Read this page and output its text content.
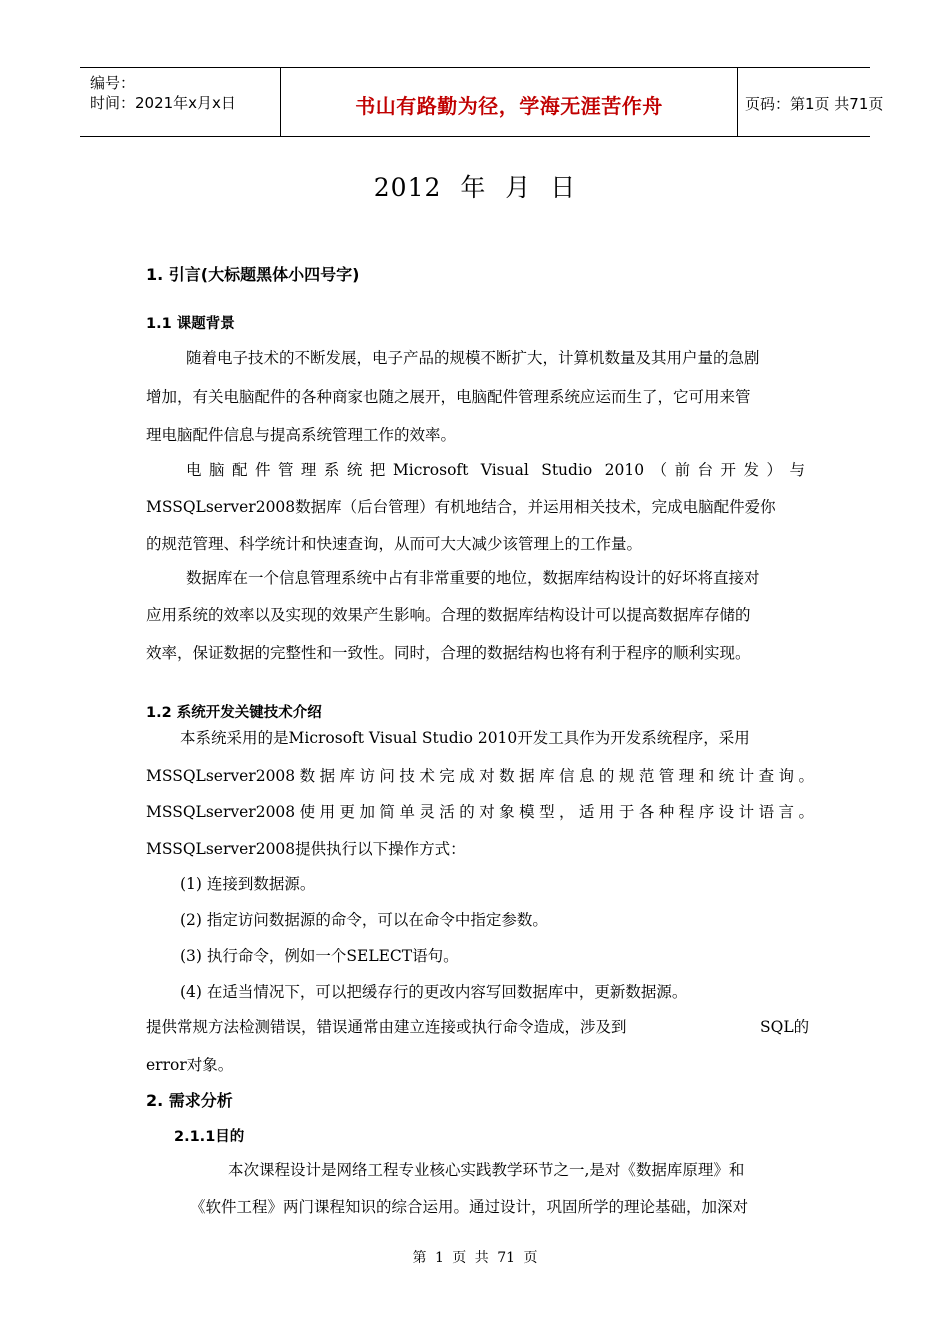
编号：
时间：2021年x月x日	书山有路勤为径，学海无涯苦作舟	页码：第1页 共71页
2012 年 月 日
1. 引言(大标题黑体小四号字)
1.1 课题背景
随着电子技术的不断发展，电子产品的规模不断扩大，计算机数量及其用户量的急剧
增加，有关电脑配件的各种商家也随之展开，电脑配件管理系统应运而生了，它可用来管
理电脑配件信息与提高系统管理工作的效率。
电脑配件管理系统把Microsoft Visual Studio 2010（前台开发）与
MSSQLserver2008数据库（后台管理）有机地结合，并运用相关技术，完成电脑配件爱你
的规范管理、科学统计和快速查询，从而可大大减少该管理上的工作量。
数据库在一个信息管理系统中占有非常重要的地位，数据库结构设计的好坏将直接对
应用系统的效率以及实现的效果产生影响。合理的数据库结构设计可以提高数据库存储的
效率，保证数据的完整性和一致性。同时，合理的数据结构也将有利于程序的顺利实现。
1.2 系统开发关键技术介绍
本系统采用的是Microsoft Visual Studio 2010开发工具作为开发系统程序，采用
MSSQLserver2008数据库访问技术完成对数据库信息的规范管理和统计查询。
MSSQLserver2008使用更加简单灵活的对象模型，适用于各种程序设计语言。
MSSQLserver2008提供执行以下操作方式：
(1) 连接到数据源。
(2) 指定访问数据源的命令，可以在命令中指定参数。
(3) 执行命令，例如一个SELECT语句。
(4) 在适当情况下，可以把缓存行的更改内容写回数据库中，更新数据源。
提供常规方法检测错误，错误通常由建立连接或执行命令造成，涉及到	SQL的
error对象。
2. 需求分析
2.1.1目的
本次课程设计是网络工程专业核心实践教学环节之一,是对《数据库原理》和
《软件工程》两门课程知识的综合运用。通过设计，巩固所学的理论基础，加深对
第 1 页 共 71 页
